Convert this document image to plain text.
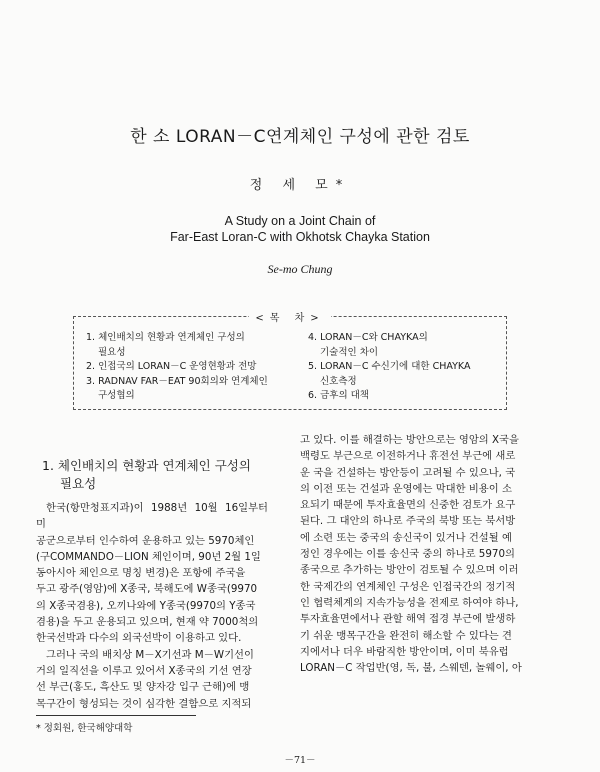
한 소 LORAN－C연계체인 구성에 관한 검토
정 세 모*
A Study on a Joint Chain of
Far-East Loran-C with Okhotsk Chayka Station
Se-mo Chung
<목 차>
1. 체인배치의 현황과 연계체인 구성의
필요성
2. 인접국의 LORAN－C 운영현황과 전망
3. RADNAV FAR－EAT 90회의와 연계체인
구성협의
4. LORAN－C와 CHAYKA의
기술적인 차이
5. LORAN－C 수신기에 대한 CHAYKA
신호측정
6. 금후의 대책
1. 체인배치의 현황과 연계체인 구성의
필요성

한국(항만청표지과)이 1988년 10월 16일부터 미

공군으로부터 인수하여 운용하고 있는 5970체인

(구COMMANDO－LION 체인이며, 90년 2월 1일

동아시아 체인으로 명칭 변경)은 포항에 주국을

두고 광주(영암)에 X종국, 북해도에 W종국(9970

의 X종국겸용), 오끼나와에 Y종국(9970의 Y종국

겸용)을 두고 운용되고 있으며, 현재 약 7000척의

한국선박과 다수의 외국선박이 이용하고 있다.

그러나 국의 배치상 M－X기선과 M－W기선이

거의 일직선을 이루고 있어서 X종국의 기선 연장

선 부근(홍도, 흑산도 및 양자강 입구 근해)에 맹

목구간이 형성되는 것이 심각한 결함으로 지적되

고 있다. 이를 해결하는 방안으로는 영암의 X국을

백령도 부근으로 이전하거나 휴전선 부근에 새로

운 국을 건설하는 방안등이 고려될 수 있으나, 국

의 이전 또는 건설과 운영에는 막대한 비용이 소

요되기 때문에 투자효율면의 신중한 검토가 요구

된다. 그 대안의 하나로 주국의 북방 또는 북서방

에 소련 또는 중국의 송신국이 있거나 건설될 예

정인 경우에는 이를 송신국 중의 하나로 5970의

종국으로 추가하는 방안이 검토될 수 있으며 이러

한 국제간의 연계체인 구성은 인접국간의 정기적

인 협력체계의 지속가능성을 전제로 하여야 하나,

투자효율면에서나 관할 해역 접경 부근에 발생하

기 쉬운 맹목구간을 완전히 해소할 수 있다는 견

지에서나 더우 바람직한 방안이며, 이미 북유럽

LORAN－C 작업반(영, 독, 불, 스웨덴, 놀웨이, 아

* 정회원, 한국해양대학
－71－
